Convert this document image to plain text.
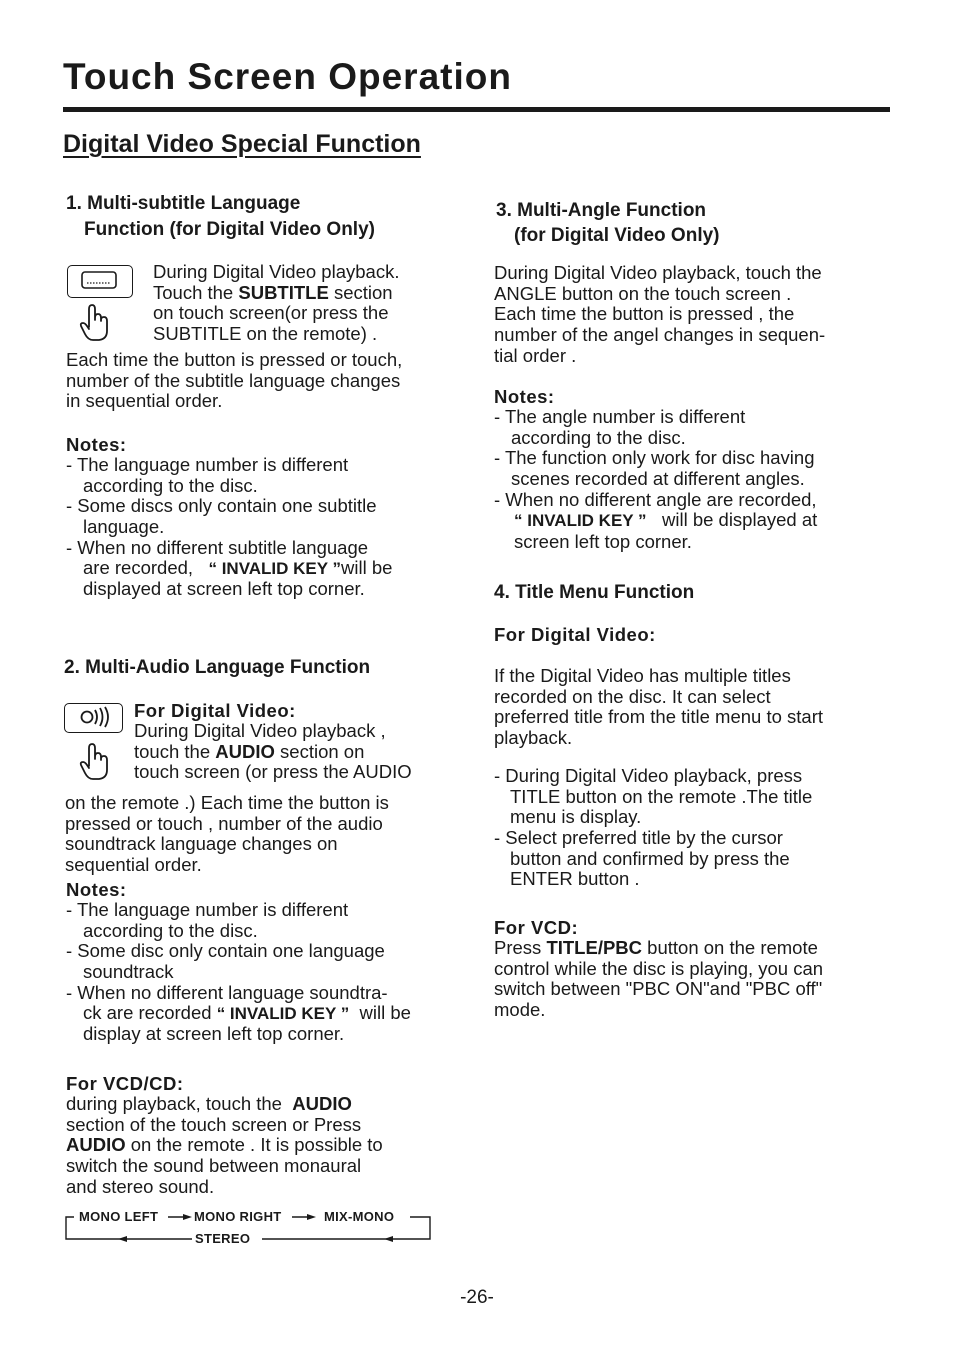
Touch Screen Operation
Digital Video Special Function
1. Multi-subtitle Language
Function (for Digital Video Only)
During Digital Video playback.
Touch the SUBTITLE section
on touch screen(or press the
SUBTITLE on the remote) .
Each time the button is pressed or touch,
number of the subtitle language changes
in sequential order.
Notes:
- The language number is different
according to the disc.
- Some discs only contain one subtitle
language.
- When no different subtitle language
are recorded, “ INVALID KEY ”will be
displayed at screen left top corner.
2. Multi-Audio Language Function
For Digital Video:
During Digital Video playback ,
touch the AUDIO section on
touch screen (or press the AUDIO
on the remote .) Each time the button is
pressed or touch , number of the audio
soundtrack language changes on
sequential order.
Notes:
- The language number is different
according to the disc.
- Some disc only contain one language
soundtrack
- When no different language soundtra-
ck are recorded “ INVALID KEY ” will be
display at screen left top corner.
For VCD/CD:
during playback, touch the  AUDIO
section of the touch screen or Press
AUDIO on the remote . It is possible to
switch the sound between monaural
and stereo sound.
MONO LEFT	MONO RIGHT	MIX-MONO
STEREO
3. Multi-Angle Function
(for Digital Video Only)
During Digital Video playback, touch the
ANGLE button on the touch screen .
Each time the button is pressed , the
number of the angel changes in sequen-
tial order .
Notes:
- The angle number is different
according to the disc.
- The function only work for disc having
scenes recorded at different angles.
- When no different angle are recorded,
“ INVALID KEY ” will be displayed at
screen left top corner.
4. Title Menu Function
For Digital Video:
If the Digital Video has multiple titles
recorded on the disc. It can select
preferred title from the title menu to start
playback.
- During Digital Video playback, press
TITLE button on the remote .The title
menu is display.
- Select preferred title by the cursor
button and confirmed by press the
ENTER button .
For VCD:
Press TITLE/PBC button on the remote
control while the disc is playing, you can
switch between "PBC ON"and "PBC off"
mode.
-26-
